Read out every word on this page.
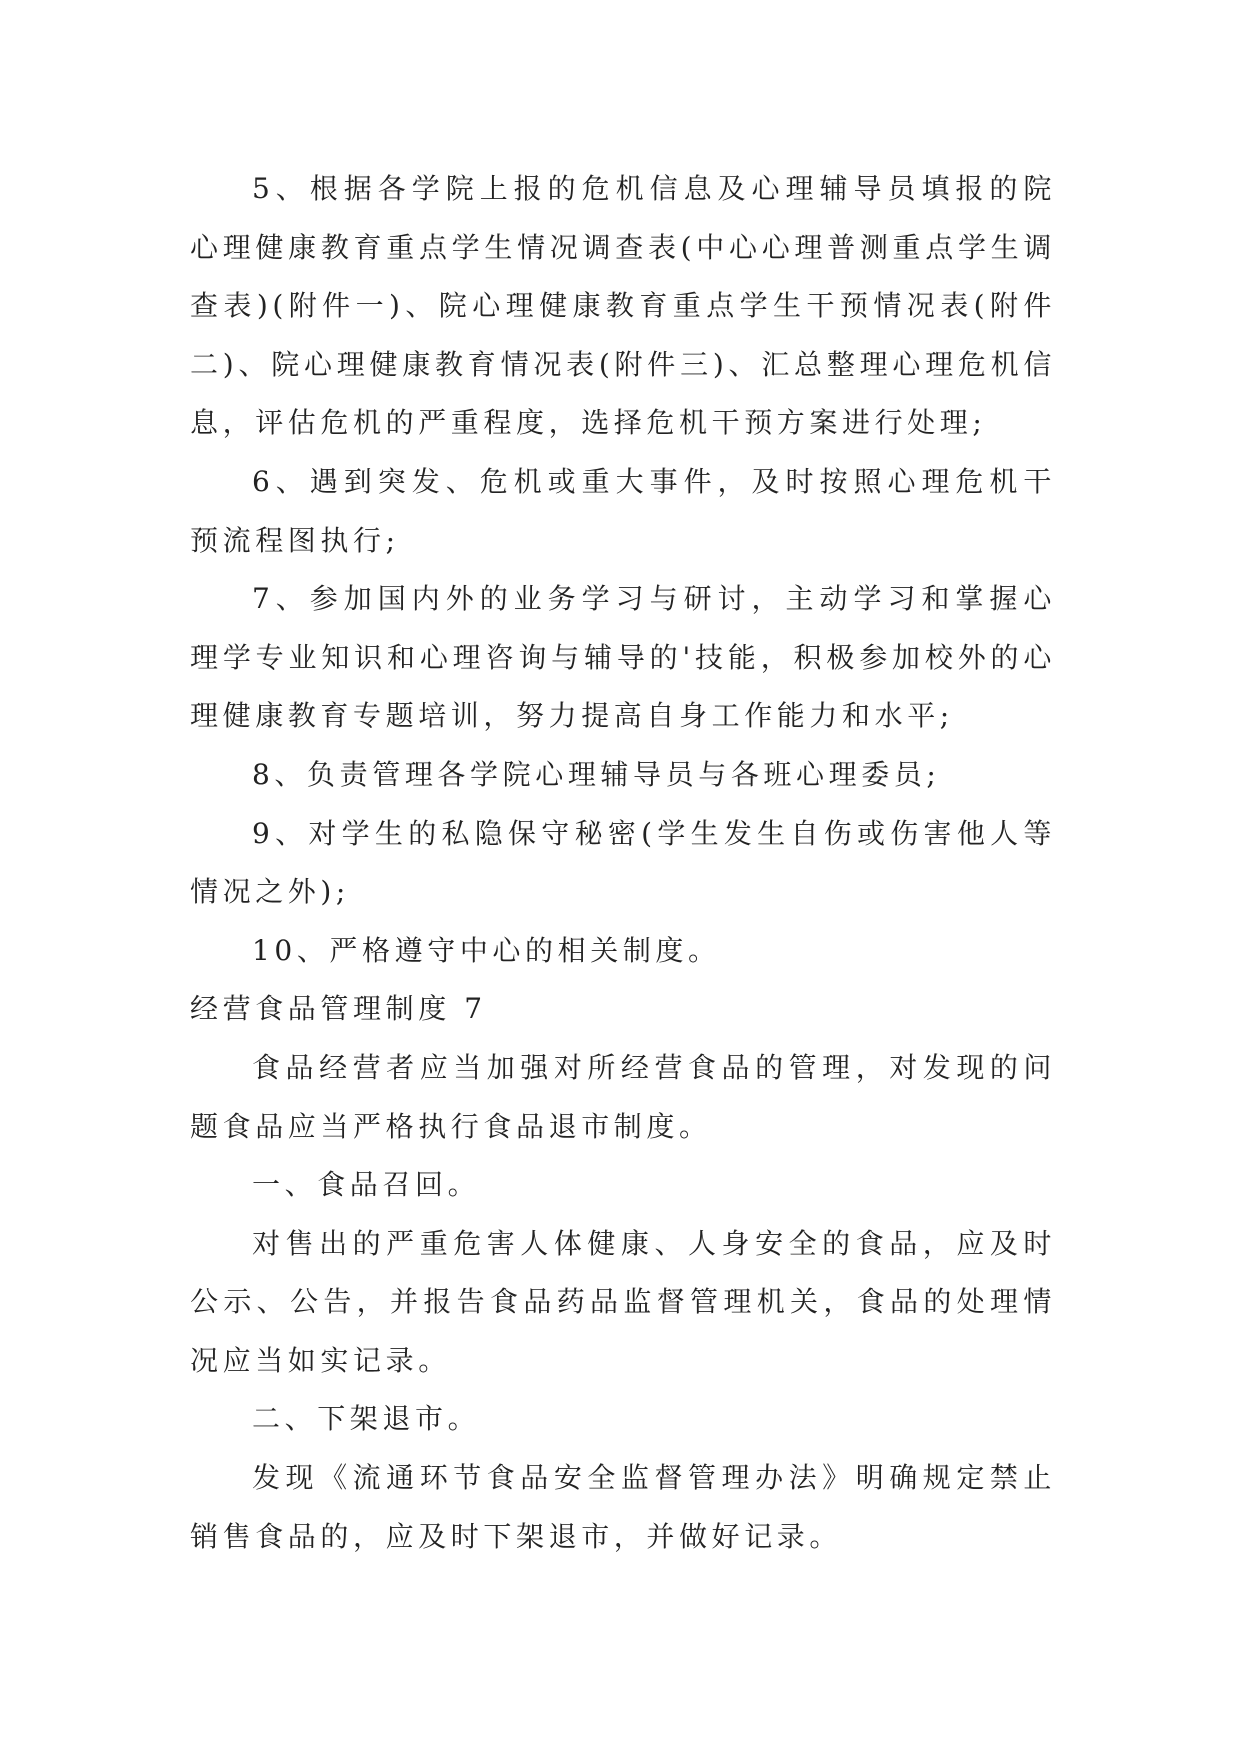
5、根据各学院上报的危机信息及心理辅导员填报的院心理健康教育重点学生情况调查表(中心心理普测重点学生调查表)(附件一)、院心理健康教育重点学生干预情况表(附件二)、院心理健康教育情况表(附件三)、汇总整理心理危机信息，评估危机的严重程度，选择危机干预方案进行处理;

6、遇到突发、危机或重大事件，及时按照心理危机干预流程图执行;

7、参加国内外的业务学习与研讨，主动学习和掌握心理学专业知识和心理咨询与辅导的'技能，积极参加校外的心理健康教育专题培训，努力提高自身工作能力和水平;

8、负责管理各学院心理辅导员与各班心理委员;

9、对学生的私隐保守秘密(学生发生自伤或伤害他人等情况之外);

10、严格遵守中心的相关制度。

经营食品管理制度 7

食品经营者应当加强对所经营食品的管理，对发现的问题食品应当严格执行食品退市制度。

一、食品召回。

对售出的严重危害人体健康、人身安全的食品，应及时公示、公告，并报告食品药品监督管理机关，食品的处理情况应当如实记录。

二、下架退市。

发现《流通环节食品安全监督管理办法》明确规定禁止销售食品的，应及时下架退市，并做好记录。
